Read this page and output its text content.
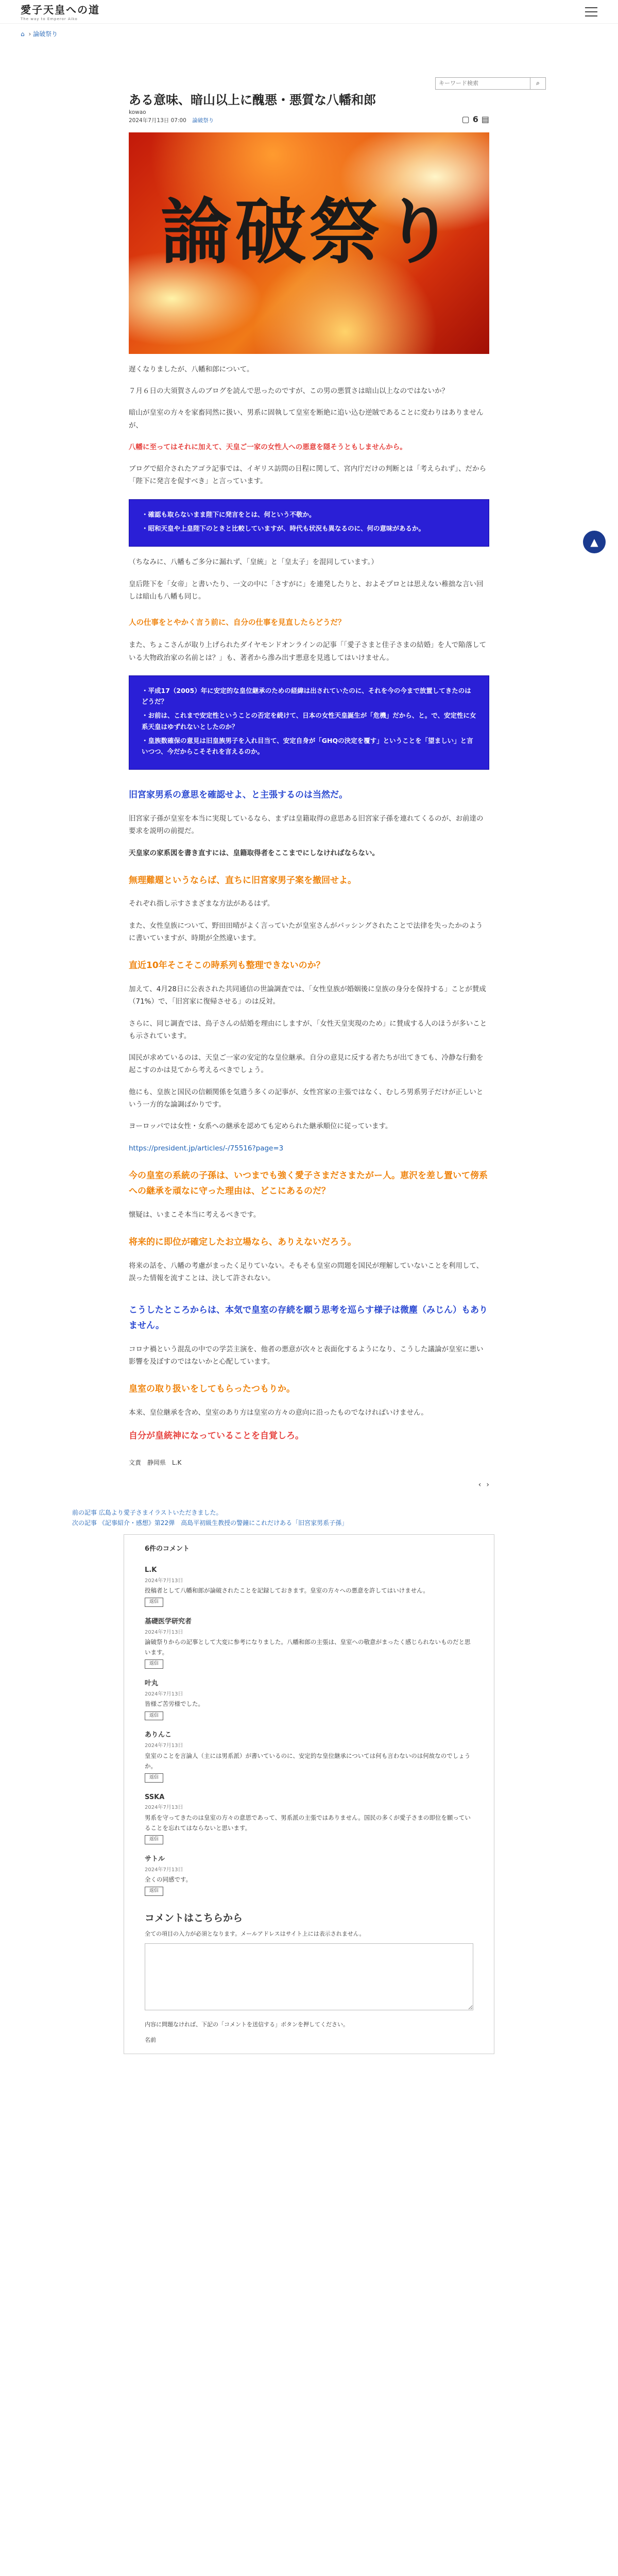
愛子天皇への道
The way to Emperor Aiko
⌂ › 論破祭り
キーワード検索
⌕
ある意味、暗山以上に醜悪・悪質な八幡和郎
kowao
2024年7月13日 07:00 論破祭り	▢ 6 ▤
論破祭り

遅くなりましたが、八幡和郎について。

７月６日の大須賀さんのブログを読んで思ったのですが、この男の悪質さは暗山以上なのではないか？

暗山が皇室の方々を家畜同然に扱い、男系に固執して皇室を断絶に追い込む逆賊であることに変わりはありませんが、

八幡に至ってはそれに加えて、天皇ご一家の女性人への悪意を隠そうともしませんから。

ブログで紹介されたアゴラ記事では、イギリス訪問の日程に関して、宮内庁だけの判断とは「考えられず」、だから「陛下に発言を促すべき」と言っています。

・ 確認も取らないまま陛下に発言をとは、何という不敬か。
・ 昭和天皇や上皇陛下のときと比較していますが、時代も状況も異なるのに、何の意味があるか。

（ちなみに、八幡もご多分に漏れず、「皇統」と「皇太子」を混同しています。）

皇后陛下を「女帝」と書いたり、一文の中に「さすがに」を連発したりと、およそプロとは思えない稚拙な言い回しは暗山も八幡も同じ。

人の仕事をとやかく言う前に、自分の仕事を見直したらどうだ？

また、ちょこさんが取り上げられたダイヤモンドオンラインの記事「「愛子さまと佳子さまの結婚」を人で陥落している大物政治家の名前とは？」も、著者から滲み出す悪意を見逃してはいけません。

・ 平成17（2005）年に安定的な皇位継承のための経緯は出されていたのに、それを今の今まで放置してきたのはどうだ？
・ お前は、これまで安定性ということの否定を続けて、日本の女性天皇誕生が「危機」だから、と。で、安定性に女系天皇はゆずれないとしたのか？
・ 皇族数確保の意見は旧皇族男子を入れ目当て、安定自身が「GHQの決定を覆す」ということを「望ましい」と言いつつ、今だからこそそれを言えるのか。

旧宮家男系の意思を確認せよ、と主張するのは当然だ。

旧宮家子孫が皇室を本当に実現しているなら、まずは皇籍取得の意思ある旧宮家子孫を連れてくるのが、お前達の要求を説明の前提だ。

天皇家の家系図を書き直すには、皇籍取得者をここまでにしなければならない。

無理難題というならば、直ちに旧宮家男子案を撤回せよ。

それぞれ指し示すさまざまな方法があるはず。

また、女性皇族について、野田田晴がよく言っていたが皇室さんがパッシングされたことで法律を失ったかのように書いていますが、時期が全然違います。

直近10年そこそこの時系列も整理できないのか？

加えて、4月28日に公表された共同通信の世論調査では、「女性皇族が婚姻後に皇族の身分を保持する」ことが賛成（71%）で、「旧宮家に復帰させる」のは反対。

さらに、同じ調査では、鳥子さんの結婚を理由にしますが、「女性天皇実現のため」に賛成する人のほうが多いことも示されています。

国民が求めているのは、天皇ご一家の安定的な皇位継承。自分の意見に反する者たちが出てきても、冷静な行動を起こすのかは見てから考えるべきでしょう。

他にも、皇族と国民の信頼関係を気遣う多くの記事が、女性宮家の主張ではなく、むしろ男系男子だけが正しいという一方的な論調ばかりです。

ヨーロッパでは女性・女系への継承を認めても定められた継承順位に従っています。

https://president.jp/articles/-/75516?page=3

今の皇室の系統の子孫は、いつまでも強く愛子さまださまたがー人。恵沢を差し置いて傍系への継承を頑なに守った理由は、どこにあるのだ？

懐疑は、いまこそ本当に考えるべきです。

将来的に即位が確定したお立場なら、ありえないだろう。

将来の話を、八幡の考慮がまったく足りていない。そもそも皇室の問題を国民が理解していないことを利用して、誤った情報を流すことは、決して許されない。

こうしたところからは、本気で皇室の存続を願う思考を巡らす様子は微塵（みじん）もありません。

コロナ禍という混乱の中での学芸主演を、他者の悪意が次々と表面化するようになり、こうした議論が皇室に悪い影響を及ぼすのではないかと心配しています。

皇室の取り扱いをしてもらったつもりか。

本来、皇位継承を含め、皇室のあり方は皇室の方々の意向に沿ったものでなければいけません。

自分が皇統神になっていることを自覚しろ。

文責　静岡県　L.K

‹ ›
前の記事 広島より愛子さまイラストいただきました。
次の記事 《記事紹介・感想》第22弾　高島平初級生教授の警鐘にこれだけある「旧宮家男系子孫」
6件のコメント
L.K
2024年7月13日
投稿者として八幡和郎が論破されたことを記録しておきます。皇室の方々への悪意を許してはいけません。
返信
基礎医学研究者
2024年7月13日
論破祭りからの記事として大変に参考になりました。八幡和郎の主張は、皇室への敬意がまったく感じられないものだと思います。
返信
叶丸
2024年7月13日
皆様ご苦労様でした。
返信
ありんこ
2024年7月13日
皇室のことを言論人（主には男系派）が書いているのに、安定的な皇位継承については何も言わないのは何故なのでしょうか。
返信
SSKA
2024年7月13日
男系を守ってきたのは皇室の方々の意思であって、男系派の主張ではありません。国民の多くが愛子さまの即位を願っていることを忘れてはならないと思います。
返信
サトル
2024年7月13日
全くの同感です。
返信
コメントはこちらから
全ての項目の入力が必須となります。メールアドレスはサイト上には表示されません。
内容に問題なければ、下記の「コメントを送信する」ボタンを押してください。
名前
▲
